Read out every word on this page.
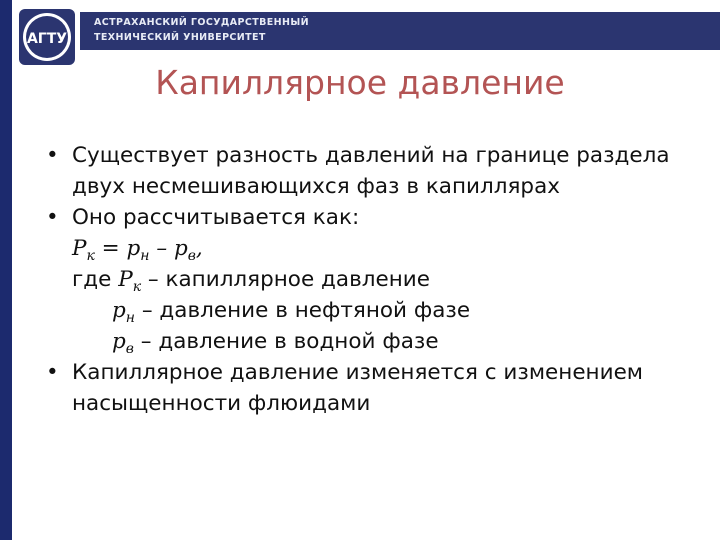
АГТУ
АСТРАХАНСКИЙ ГОСУДАРСТВЕННЫЙ
ТЕХНИЧЕСКИЙ УНИВЕРСИТЕТ
Капиллярное давление
• Существует разность давлений на границе раздела двух несмешивающихся фаз в капиллярах
• Оно рассчитывается как:
$P_к = p_н - p_в$,
где $P_к$ – капиллярное давление
$p_н$ – давление в нефтяной фазе
$p_в$ – давление в водной фазе
• Капиллярное давление изменяется с изменением насыщенности флюидами
